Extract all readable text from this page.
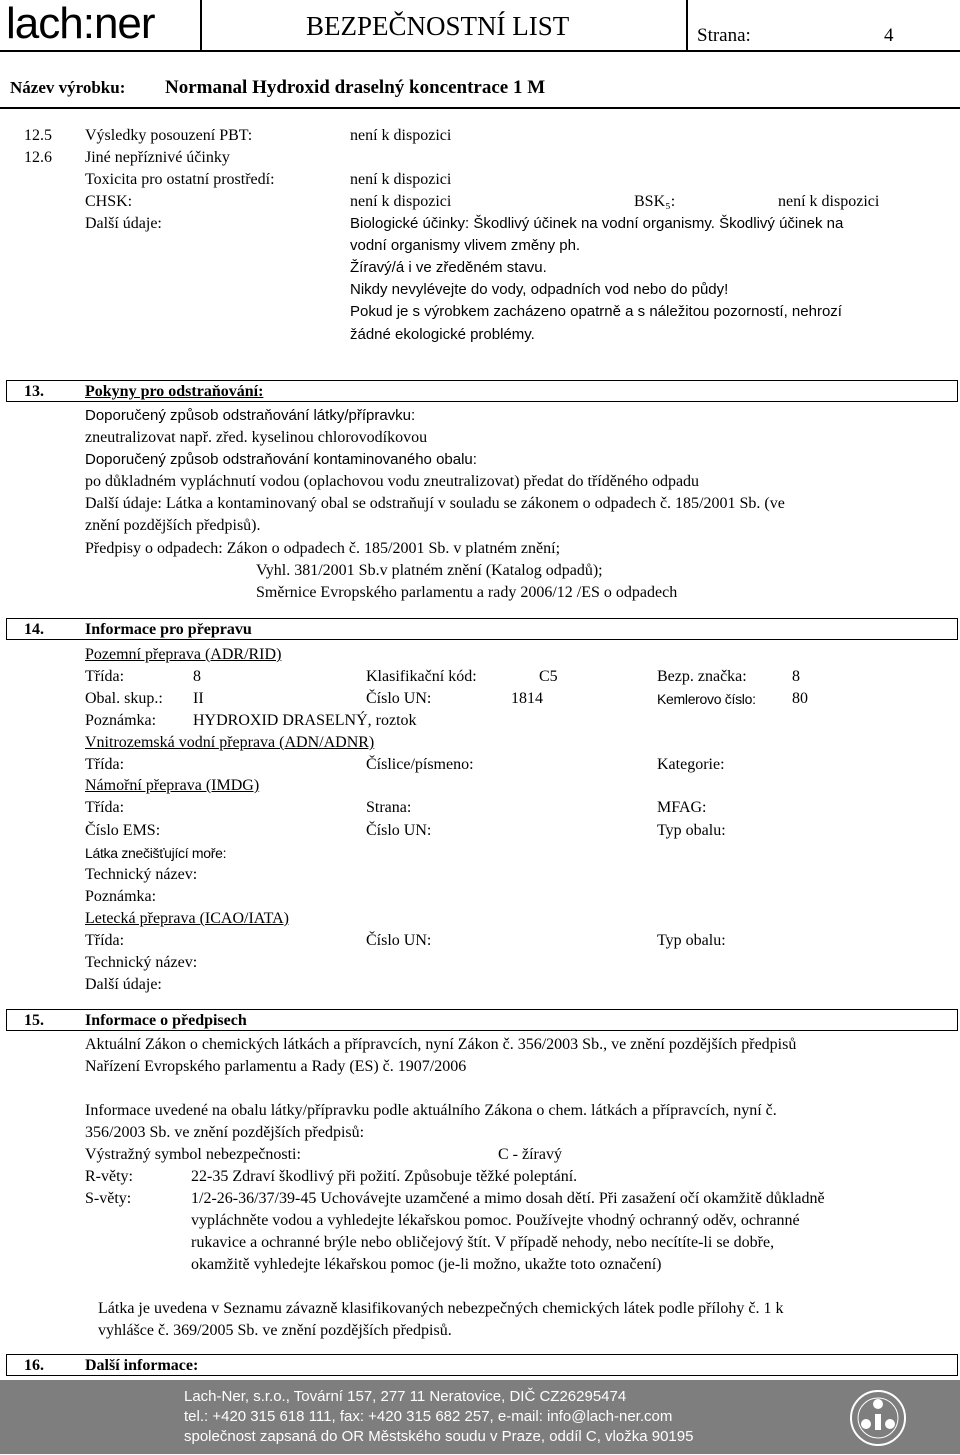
lach:ner	BEZPEČNOSTNÍ LIST	Strana:	4
Název výrobku: Normanal Hydroxid draselný koncentrace 1 M
12.5 Výsledky posouzení PBT:	není k dispozici
12.6 Jiné nepříznivé účinky
Toxicita pro ostatní prostředí:	není k dispozici
CHSK:	není k dispozici	BSK₅:	není k dispozici
Další údaje:	Biologické účinky: Škodlivý účinek na vodní organismy. Škodlivý účinek na
vodní organismy vlivem změny ph.
Žíravý/á i ve zředěném stavu.
Nikdy nevylévejte do vody, odpadních vod nebo do půdy!
Pokud je s výrobkem zacházeno opatrně a s náležitou pozorností, nehrozí
žádné ekologické problémy.
13.	Pokyny pro odstraňování:
Doporučený způsob odstraňování látky/přípravku:
zneutralizovat např. zřed. kyselinou chlorovodíkovou
Doporučený způsob odstraňování kontaminovaného obalu:
po důkladném vypláchnutí vodou (oplachovou vodu zneutralizovat) předat do tříděného odpadu
Další údaje: Látka a kontaminovaný obal se odstraňují v souladu se zákonem o odpadech č. 185/2001 Sb. (ve
znění pozdějších předpisů).
Předpisy o odpadech: Zákon o odpadech č. 185/2001 Sb. v platném znění;
Vyhl. 381/2001 Sb.v platném znění (Katalog odpadů);
Směrnice Evropského parlamentu a rady 2006/12 /ES o odpadech
14.	Informace pro přepravu
Pozemní přeprava (ADR/RID)
Třída:	8	Klasifikační kód:	C5	Bezp. značka:	8
Obal. skup.: II	Číslo UN:	1814	Kemlerovo číslo: 80
Poznámka: HYDROXID DRASELNÝ, roztok
Vnitrozemská vodní přeprava (ADN/ADNR)
Třída:	Číslice/písmeno:	Kategorie:
Námořní přeprava (IMDG)
Třída:	Strana:	MFAG:
Číslo EMS:	Číslo UN:	Typ obalu:
Látka znečišťující moře:
Technický název:
Poznámka:
Letecká přeprava (ICAO/IATA)
Třída:	Číslo UN:	Typ obalu:
Technický název:
Další údaje:
15.	Informace o předpisech
Aktuální Zákon o chemických látkách a přípravcích, nyní Zákon č. 356/2003 Sb., ve znění pozdějších předpisů
Nařízení Evropského parlamentu a Rady (ES) č. 1907/2006
Informace uvedené na obalu látky/přípravku podle aktuálního Zákona o chem. látkách a přípravcích, nyní č.
356/2003 Sb. ve znění pozdějších předpisů:
Výstražný symbol nebezpečnosti:	C - žíravý
R-věty:	22-35 Zdraví škodlivý při požití. Způsobuje těžké poleptání.
S-věty:	1/2-26-36/37/39-45 Uchovávejte uzamčené a mimo dosah dětí. Při zasažení očí okamžitě důkladně
vypláchněte vodou a vyhledejte lékařskou pomoc. Používejte vhodný ochranný oděv, ochranné
rukavice a ochranné brýle nebo obličejový štít. V případě nehody, nebo necítíte-li se dobře,
okamžitě vyhledejte lékařskou pomoc (je-li možno, ukažte toto označení)
Látka je uvedena v Seznamu závazně klasifikovaných nebezpečných chemických látek podle přílohy č. 1 k
vyhlášce č. 369/2005 Sb. ve znění pozdějších předpisů.
16.	Další informace:
Lach-Ner, s.r.o., Tovární 157, 277 11 Neratovice, DIČ CZ26295474
tel.: +420 315 618 111, fax: +420 315 682 257, e-mail: info@lach-ner.com
společnost zapsaná do OR Městského soudu v Praze, oddíl C, vložka 90195
